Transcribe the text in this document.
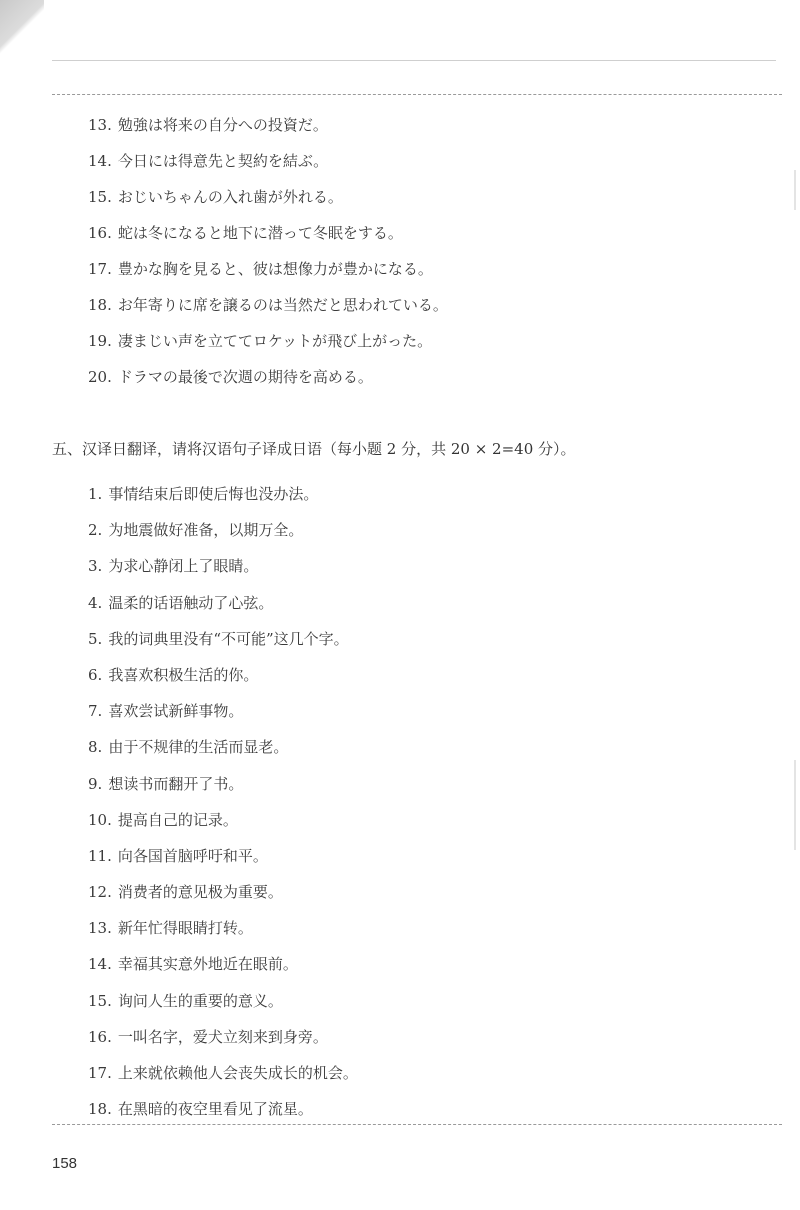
13. 勉強は将来の自分への投資だ。
14. 今日には得意先と契約を結ぶ。
15. おじいちゃんの入れ歯が外れる。
16. 蛇は冬になると地下に潜って冬眠をする。
17. 豊かな胸を見ると、彼は想像力が豊かになる。
18. お年寄りに席を譲るのは当然だと思われている。
19. 凄まじい声を立ててロケットが飛び上がった。
20. ドラマの最後で次週の期待を高める。
五、汉译日翻译，请将汉语句子译成日语（每小题 2 分，共 20 × 2=40 分）。
1. 事情结束后即使后悔也没办法。
2. 为地震做好准备，以期万全。
3. 为求心静闭上了眼睛。
4. 温柔的话语触动了心弦。
5. 我的词典里没有“不可能”这几个字。
6. 我喜欢积极生活的你。
7. 喜欢尝试新鲜事物。
8. 由于不规律的生活而显老。
9. 想读书而翻开了书。
10. 提高自己的记录。
11. 向各国首脑呼吁和平。
12. 消费者的意见极为重要。
13. 新年忙得眼睛打转。
14. 幸福其实意外地近在眼前。
15. 询问人生的重要的意义。
16. 一叫名字，爱犬立刻来到身旁。
17. 上来就依赖他人会丧失成长的机会。
18. 在黑暗的夜空里看见了流星。
158
